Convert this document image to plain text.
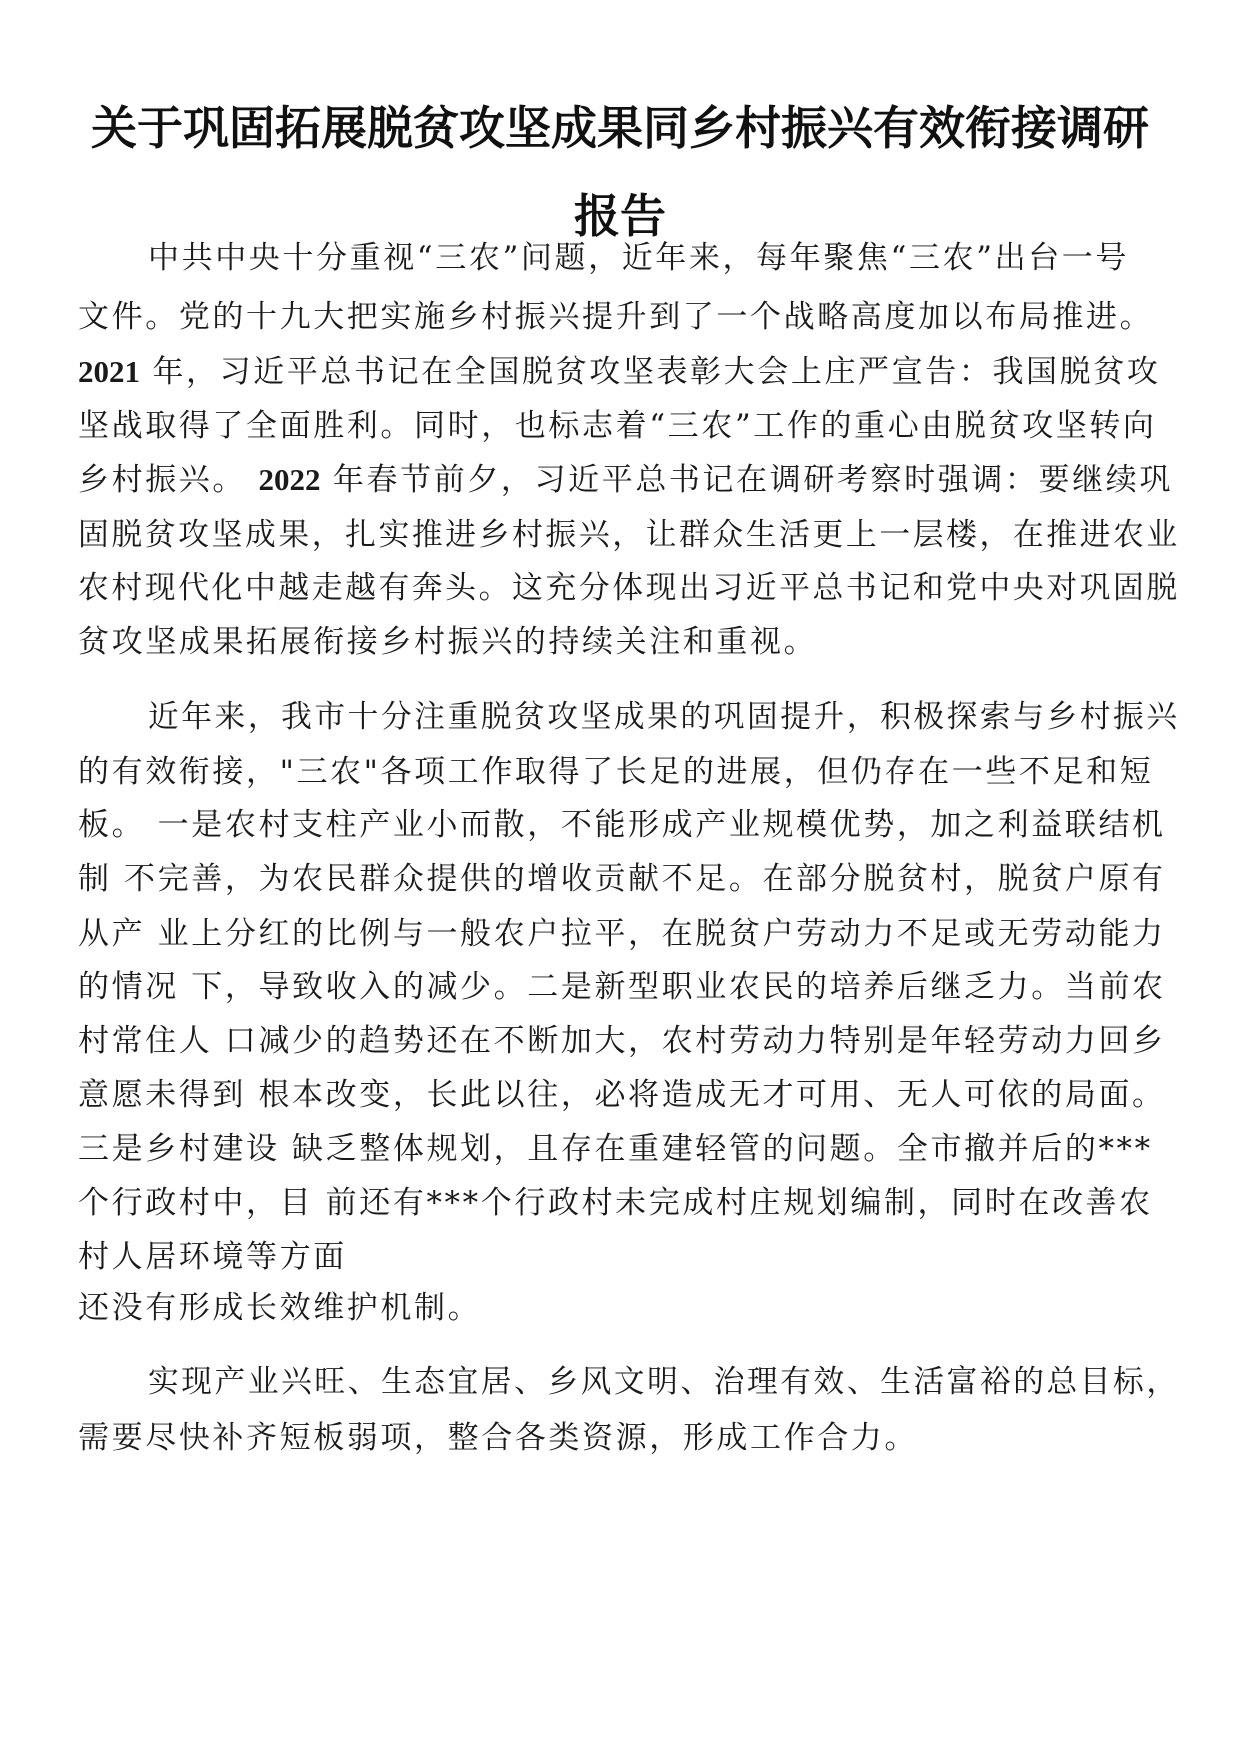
关于巩固拓展脱贫攻坚成果同乡村振兴有效衔接调研
报告
中共中央十分重视“三农”问题，近年来，每年聚焦“三农”出台一号
文件。党的十九大把实施乡村振兴提升到了一个战略高度加以布局推进。
2021 年，习近平总书记在全国脱贫攻坚表彰大会上庄严宣告：我国脱贫攻
坚战取得了全面胜利。同时，也标志着“三农”工作的重心由脱贫攻坚转向
乡村振兴。 2022 年春节前夕，习近平总书记在调研考察时强调：要继续巩
固脱贫攻坚成果，扎实推进乡村振兴，让群众生活更上一层楼，在推进农业
农村现代化中越走越有奔头。这充分体现出习近平总书记和党中央对巩固脱
贫攻坚成果拓展衔接乡村振兴的持续关注和重视。
近年来，我市十分注重脱贫攻坚成果的巩固提升，积极探索与乡村振兴
的有效衔接，"三农"各项工作取得了长足的进展，但仍存在一些不足和短
板。 一是农村支柱产业小而散，不能形成产业规模优势，加之利益联结机
制 不完善，为农民群众提供的增收贡献不足。在部分脱贫村，脱贫户原有
从产 业上分红的比例与一般农户拉平，在脱贫户劳动力不足或无劳动能力
的情况 下，导致收入的减少。二是新型职业农民的培养后继乏力。当前农
村常住人 口减少的趋势还在不断加大，农村劳动力特别是年轻劳动力回乡
意愿未得到 根本改变，长此以往，必将造成无才可用、无人可依的局面。
三是乡村建设 缺乏整体规划，且存在重建轻管的问题。全市撤并后的***
个行政村中，目 前还有***个行政村未完成村庄规划编制，同时在改善农
村人居环境等方面
还没有形成长效维护机制。
实现产业兴旺、生态宜居、乡风文明、治理有效、生活富裕的总目标，
需要尽快补齐短板弱项，整合各类资源，形成工作合力。
